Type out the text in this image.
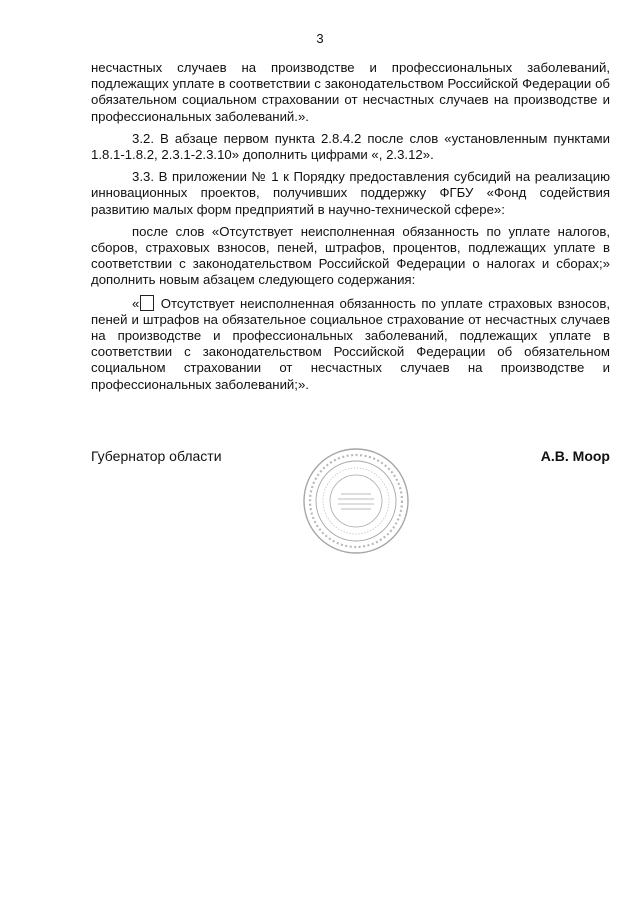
3

несчастных случаев на производстве и профессиональных заболеваний, подлежащих уплате в соответствии с законодательством Российской Федерации об обязательном социальном страховании от несчастных случаев на производстве и профессиональных заболеваний.».

3.2. В абзаце первом пункта 2.8.4.2 после слов «установленным пунктами 1.8.1-1.8.2, 2.3.1-2.3.10» дополнить цифрами «, 2.3.12».

3.3. В приложении № 1 к Порядку предоставления субсидий на реализацию инновационных проектов, получивших поддержку ФГБУ «Фонд содействия развитию малых форм предприятий в научно-технической сфере»:

после слов «Отсутствует неисполненная обязанность по уплате налогов, сборов, страховых взносов, пеней, штрафов, процентов, подлежащих уплате в соответствии с законодательством Российской Федерации о налогах и сборах;» дополнить новым абзацем следующего содержания:

« Отсутствует неисполненная обязанность по уплате страховых взносов, пеней и штрафов на обязательное социальное страхование от несчастных случаев на производстве и профессиональных заболеваний, подлежащих уплате в соответствии с законодательством Российской Федерации об обязательном социальном страховании от несчастных случаев на производстве и профессиональных заболеваний;».

Губернатор области	А.В. Моор
